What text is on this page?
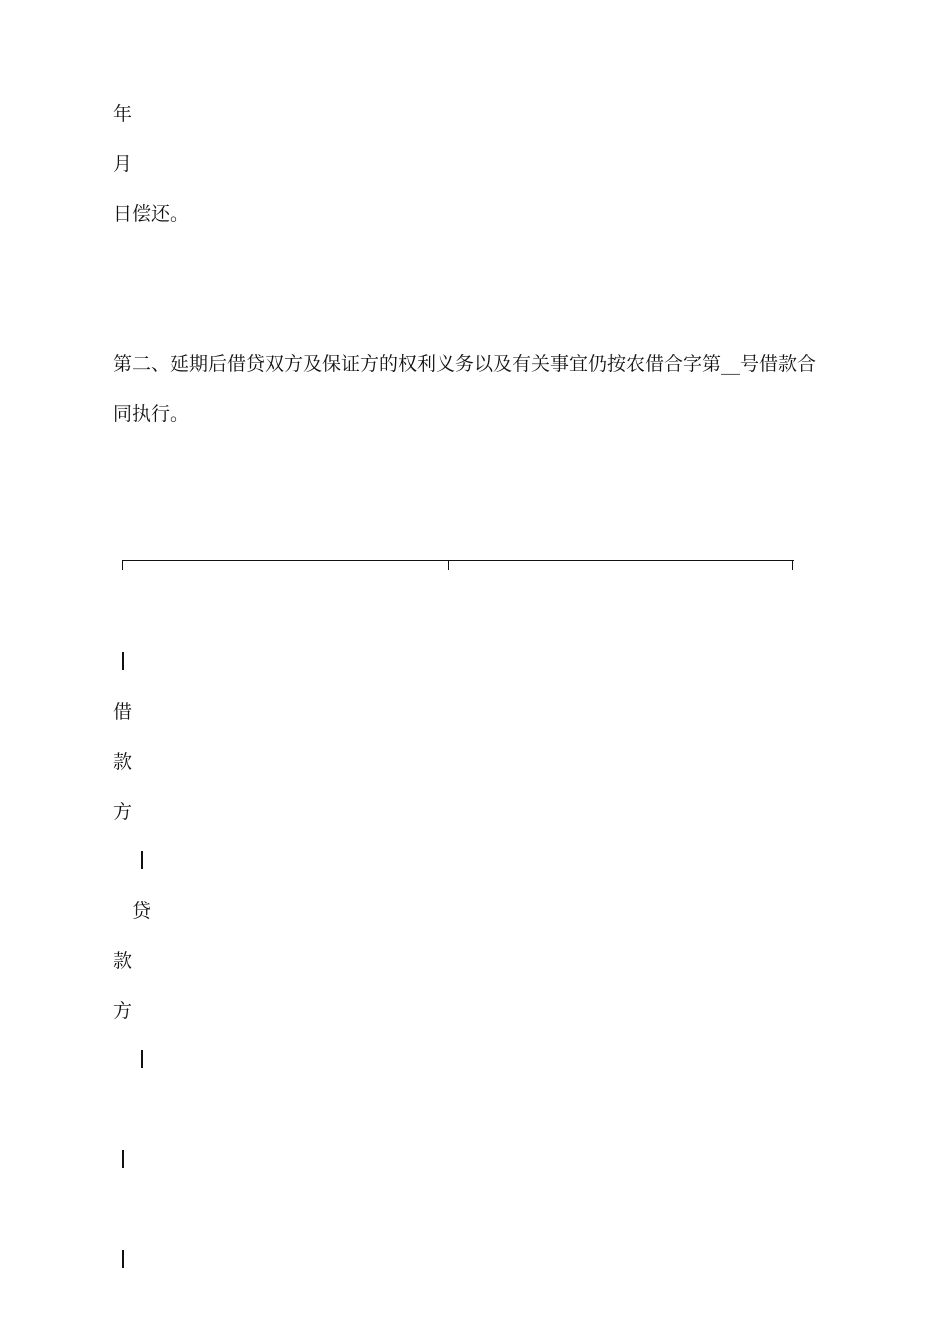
年

月

日偿还。

第二、延期后借贷双方及保证方的权利义务以及有关事宜仍按农借合字第__号借款合

同执行。

借

款

方

贷

款

方
